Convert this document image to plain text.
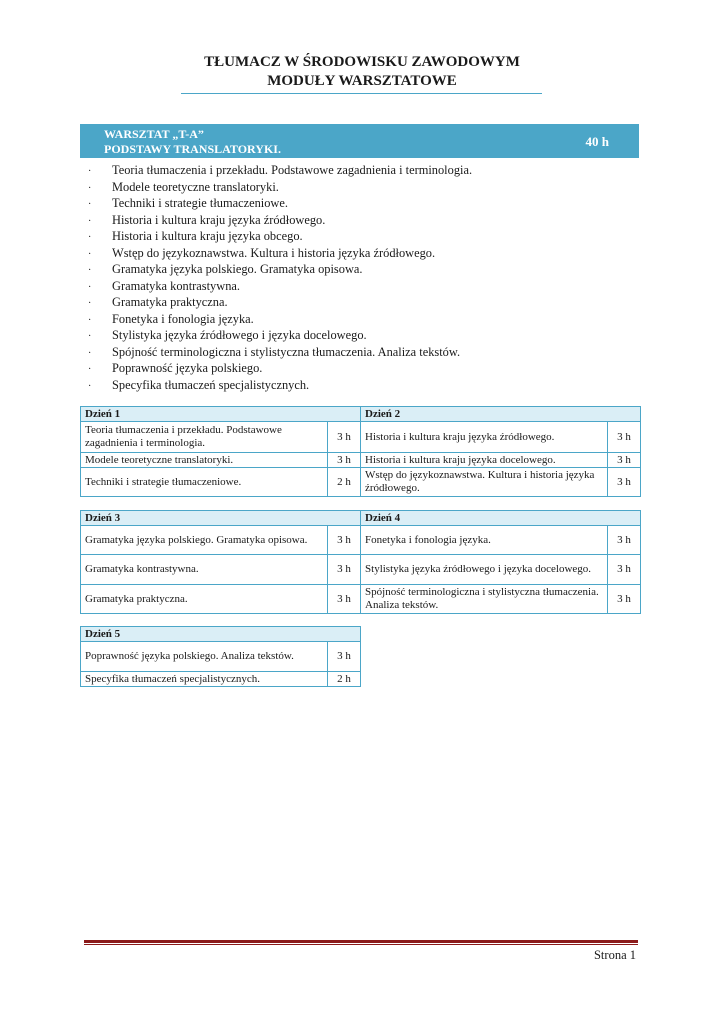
TŁUMACZ W ŚRODOWISKU ZAWODOWYM
MODUŁY WARSZTATOWE
WARSZTAT „T-A”
PODSTAWY TRANSLATORYKI.	40 h
· Teoria tłumaczenia i przekładu. Podstawowe zagadnienia i terminologia.
· Modele teoretyczne translatoryki.
· Techniki i strategie tłumaczeniowe.
· Historia i kultura kraju języka źródłowego.
· Historia i kultura kraju języka obcego.
· Wstęp do językoznawstwa. Kultura i historia języka źródłowego.
· Gramatyka języka polskiego. Gramatyka opisowa.
· Gramatyka kontrastywna.
· Gramatyka praktyczna.
· Fonetyka i fonologia języka.
· Stylistyka języka źródłowego i języka docelowego.
· Spójność terminologiczna i stylistyczna tłumaczenia. Analiza tekstów.
· Poprawność języka polskiego.
· Specyfika tłumaczeń specjalistycznych.
Dzień 1		Dzień 2	
Teoria tłumaczenia i przekładu. Podstawowe zagadnienia i terminologia.	3 h	Historia i kultura kraju języka źródłowego.	3 h
Modele teoretyczne translatoryki.	3 h	Historia i kultura kraju języka docelowego.	3 h
Techniki i strategie tłumaczeniowe.	2 h	Wstęp do językoznawstwa. Kultura i historia języka źródłowego.	3 h
Dzień 3		Dzień 4	
Gramatyka języka polskiego. Gramatyka opisowa.	3 h	Fonetyka i fonologia języka.	3 h
Gramatyka kontrastywna.	3 h	Stylistyka języka źródłowego i języka docelowego.	3 h
Gramatyka praktyczna.	3 h	Spójność terminologiczna i stylistyczna tłumaczenia. Analiza tekstów.	3 h
Dzień 5	
Poprawność języka polskiego. Analiza tekstów.	3 h
Specyfika tłumaczeń specjalistycznych.	2 h
Strona 1
